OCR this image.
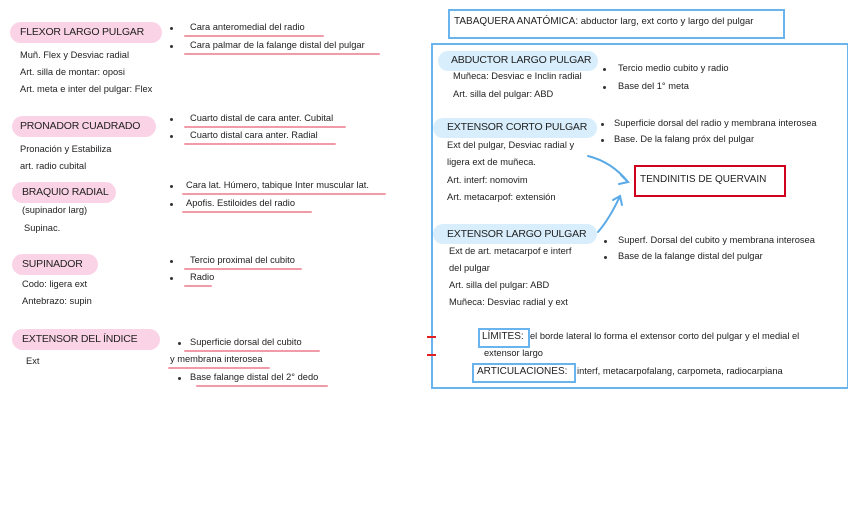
FLEXOR LARGO PULGAR
Muñ. Flex y Desviac radial
Art. silla de montar: oposi
Art. meta e inter del pulgar: Flex
Cara anteromedial del radio
Cara palmar de la falange distal del pulgar
PRONADOR CUADRADO
Pronación y Estabiliza
art. radio cubital
Cuarto distal de cara anter. Cubital
Cuarto distal cara anter. Radial
BRAQUIO RADIAL
(supinador larg)
Supinac.
Cara lat. Húmero, tabique Inter muscular lat.
Apofis. Estiloides del radio
SUPINADOR
Codo: ligera ext
Antebrazo: supin
Tercio proximal del cubito
Radio
EXTENSOR DEL ÍNDICE
Ext
Superficie dorsal del cubito
y membrana interosea
Base falange distal del 2° dedo
TABAQUERA ANATÓMICA: abductor larg, ext corto y largo del pulgar
ABDUCTOR LARGO PULGAR
Muñeca: Desviac e Inclin radial
Art. silla del pulgar: ABD
Tercio medio cubito y radio
Base del 1° meta
EXTENSOR CORTO PULGAR
Ext del pulgar, Desviac radial y
ligera ext de muñeca.
Art. interf: nomovim
Art. metacarpof: extensión
Superficie dorsal del radio y membrana interosea
Base. De la falang próx del pulgar
TENDINITIS DE QUERVAIN
EXTENSOR LARGO PULGAR
Ext de art. metacarpof e interf
del pulgar
Art. silla del pulgar: ABD
Muñeca: Desviac radial y ext
Superf. Dorsal del cubito y membrana interosea
Base de la falange distal del pulgar
LÍMITES: el borde lateral lo forma el extensor corto del pulgar y el medial el
extensor largo
ARTICULACIONES: interf, metacarpofalang, carpometa, radiocarpiana
